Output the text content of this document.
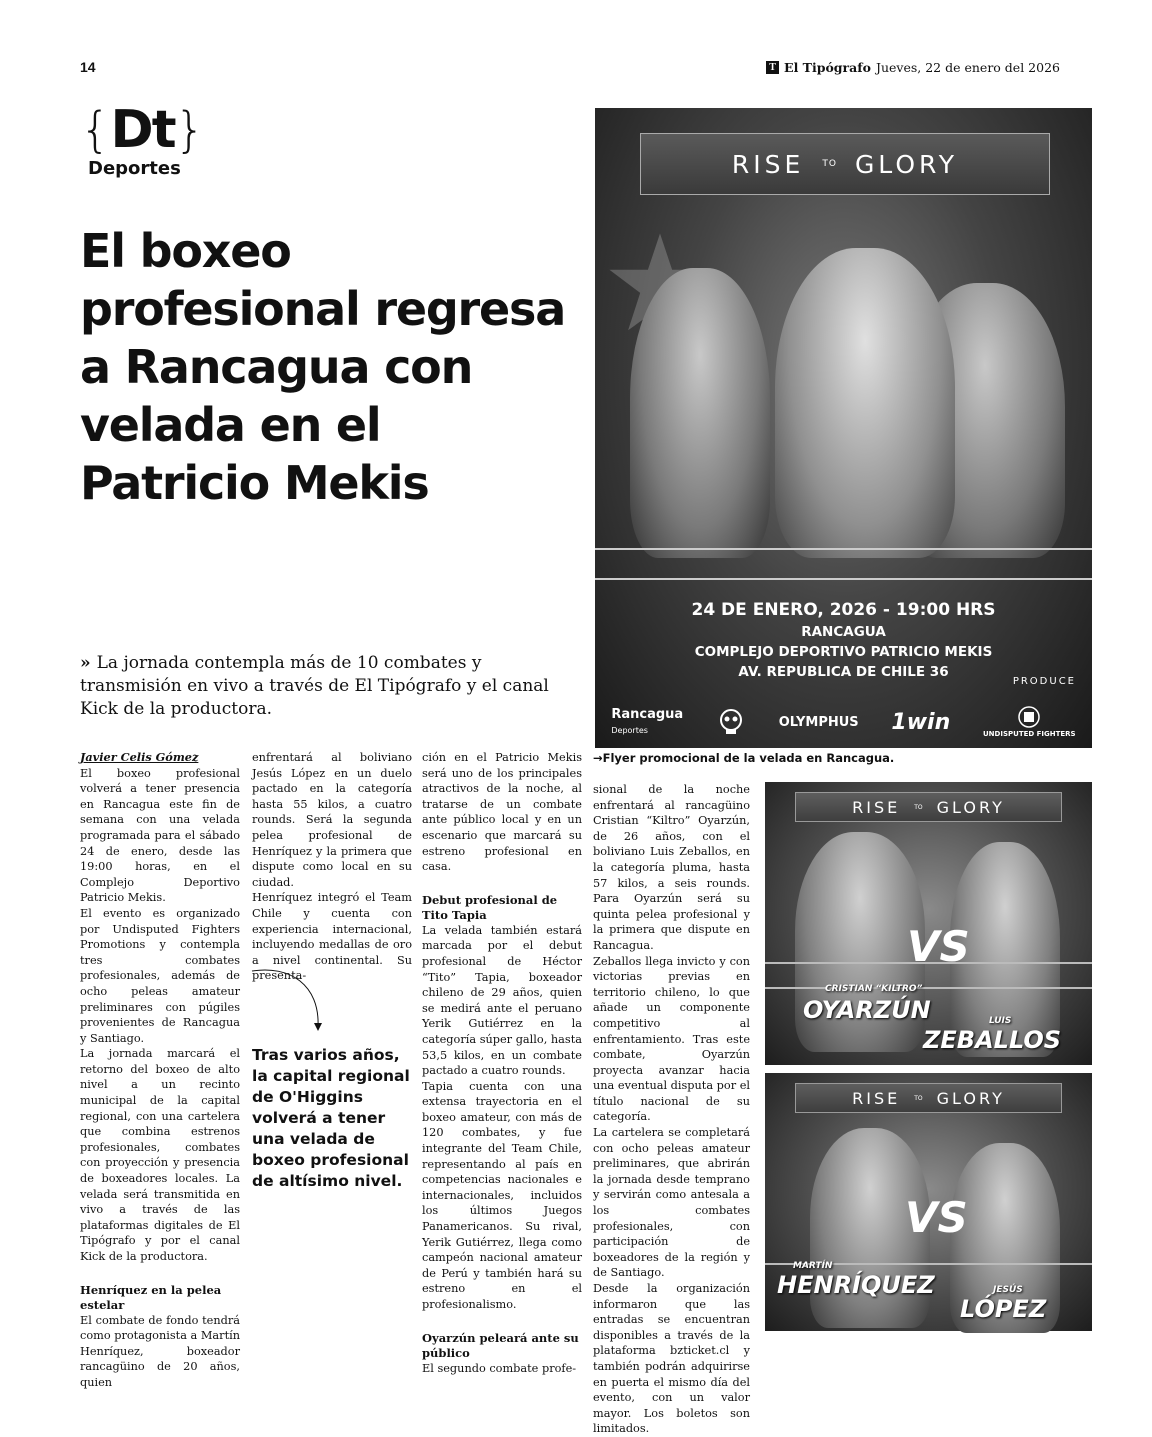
14	T El Tipógrafo Jueves, 22 de enero del 2026
{Dt}
Deportes
El boxeo profesional regresa a Rancagua con velada en el Patricio Mekis
» La jornada contempla más de 10 combates y transmisión en vivo a través de El Tipógrafo y el canal Kick de la productora.
RISE TO GLORY
24 DE ENERO, 2026 - 19:00 HRS
RANCAGUA
COMPLEJO DEPORTIVO PATRICIO MEKIS
AV. REPUBLICA DE CHILE 36
PRODUCE
Rancagua
Deportes
OLYMPHUS 1win	UNDISPUTED FIGHTERS
→Flyer promocional de la velada en Rancagua.
RISE TO GLORY
VS
CRISTIAN “KILTRO”
OYARZÚN	LUIS
ZEBALLOS
RISE TO GLORY
VS
MARTÍN
HENRÍQUEZ	JESÚS
LÓPEZ

Javier Celis Gómez

El boxeo profesional volverá a tener presencia en Rancagua este fin de semana con una velada programada para el sábado 24 de enero, desde las 19:00 horas, en el Complejo Deportivo Patricio Mekis.

El evento es organizado por Undisputed Fighters Promotions y contempla tres combates profesionales, además de ocho peleas amateur preliminares con púgiles provenientes de Rancagua y Santiago.

La jornada marcará el retorno del boxeo de alto nivel a un recinto municipal de la capital regional, con una cartelera que combina estrenos profesionales, combates con proyección y presencia de boxeadores locales. La velada será transmitida en vivo a través de las plataformas digitales de El Tipógrafo y por el canal Kick de la productora.

Henríquez en la pelea estelar

El combate de fondo tendrá como protagonista a Martín Henríquez, boxeador rancagüino de 20 años, quien

enfrentará al boliviano Jesús López en un duelo pactado en la categoría hasta 55 kilos, a cuatro rounds. Será la segunda pelea profesional de Henríquez y la primera que dispute como local en su ciudad.

Henríquez integró el Team Chile y cuenta con experiencia internacional, incluyendo medallas de oro a nivel continental. Su presenta-

Tras varios años, la capital regional de O'Higgins volverá a tener una velada de boxeo profesional de altísimo nivel.

ción en el Patricio Mekis será uno de los principales atractivos de la noche, al tratarse de un combate ante público local y en un escenario que marcará su estreno profesional en casa.

Debut profesional de Tito Tapia

La velada también estará marcada por el debut profesional de Héctor “Tito” Tapia, boxeador chileno de 29 años, quien se medirá ante el peruano Yerik Gutiérrez en la categoría súper gallo, hasta 53,5 kilos, en un combate pactado a cuatro rounds.

Tapia cuenta con una extensa trayectoria en el boxeo amateur, con más de 120 combates, y fue integrante del Team Chile, representando al país en competencias nacionales e internacionales, incluidos los últimos Juegos Panamericanos. Su rival, Yerik Gutiérrez, llega como campeón nacional amateur de Perú y también hará su estreno en el profesionalismo.

Oyarzún peleará ante su público

El segundo combate profe-

sional de la noche enfrentará al rancagüino Cristian “Kiltro” Oyarzún, de 26 años, con el boliviano Luis Zeballos, en la categoría pluma, hasta 57 kilos, a seis rounds. Para Oyarzún será su quinta pelea profesional y la primera que dispute en Rancagua.

Zeballos llega invicto y con victorias previas en territorio chileno, lo que añade un componente competitivo al enfrentamiento. Tras este combate, Oyarzún proyecta avanzar hacia una eventual disputa por el título nacional de su categoría.

La cartelera se completará con ocho peleas amateur preliminares, que abrirán la jornada desde temprano y servirán como antesala a los combates profesionales, con participación de boxeadores de la región y de Santiago.

Desde la organización informaron que las entradas se encuentran disponibles a través de la plataforma bzticket.cl y también podrán adquirirse en puerta el mismo día del evento, con un valor mayor. Los boletos son limitados.
